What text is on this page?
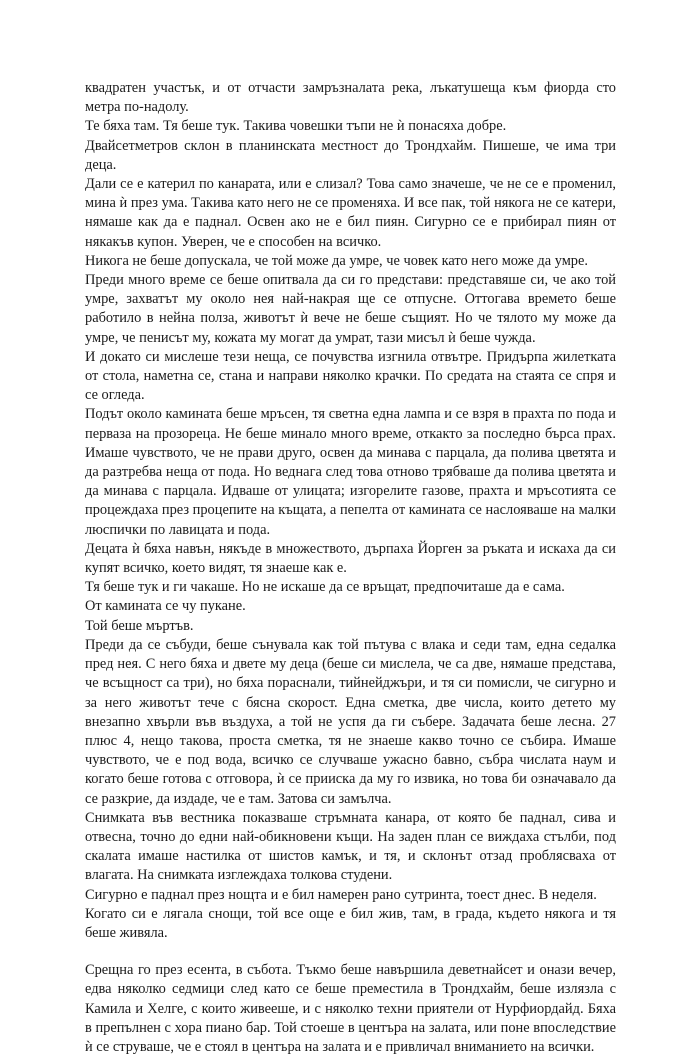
квадратен участък, и от отчасти замръзналата река, лъкатушеща към фиорда сто метра по-надолу.

Те бяха там. Тя беше тук. Такива човешки тъпи не ѝ понасяха добре.

Двайсетметров склон в планинската местност до Трондхайм. Пишеше, че има три деца.

Дали се е катерил по канарата, или е слизал? Това само значеше, че не се е променил, мина ѝ през ума. Такива като него не се променяха. И все пак, той някога не се катери, нямаше как да е паднал. Освен ако не е бил пиян. Сигурно се е прибирал пиян от някакъв купон. Уверен, че е способен на всичко.

Никога не беше допускала, че той може да умре, че човек като него може да умре.

Преди много време се беше опитвала да си го представи: представяше си, че ако той умре, захватът му около нея най-накрая ще се отпусне. Оттогава времето беше работило в нейна полза, животът ѝ вече не беше същият. Но че тялото му може да умре, че пенисът му, кожата му могат да умрат, тази мисъл ѝ беше чужда.

И докато си мислеше тези неща, се почувства изгнила отвътре. Придърпа жилетката от стола, наметна се, стана и направи няколко крачки. По средата на стаята се спря и се огледа.

Подът около камината беше мръсен, тя светна една лампа и се взря в прахта по пода и перваза на прозореца. Не беше минало много време, откакто за последно бърса прах. Имаше чувството, че не прави друго, освен да минава с парцала, да полива цветята и да разтребва неща от пода. Но веднага след това отново трябваше да полива цветята и да минава с парцала. Идваше от улицата; изгорелите газове, прахта и мръсотията се процеждаха през процепите на къщата, а пепелта от камината се наслояваше на малки люспички по лавицата и пода.

Децата ѝ бяха навън, някъде в множеството, дърпаха Йорген за ръката и искаха да си купят всичко, което видят, тя знаеше как е.

Тя беше тук и ги чакаше. Но не искаше да се връщат, предпочиташе да е сама.

От камината се чу пукане.

Той беше мъртъв.

Преди да се събуди, беше сънувала как той пътува с влака и седи там, една седалка пред нея. С него бяха и двете му деца (беше си мислела, че са две, нямаше представа, че всъщност са три), но бяха пораснали, тийнейджъри, и тя си помисли, че сигурно и за него животът тече с бясна скорост. Една сметка, две числа, които детето му внезапно хвърли във въздуха, а той не успя да ги събере. Задачата беше лесна. 27 плюс 4, нещо такова, проста сметка, тя не знаеше какво точно се събира. Имаше чувството, че е под вода, всичко се случваше ужасно бавно, събра числата наум и когато беше готова с отговора, ѝ се прииска да му го извика, но това би означавало да се разкрие, да издаде, че е там. Затова си замълча.

Снимката във вестника показваше стръмната канара, от която бе паднал, сива и отвесна, точно до едни най-обикновени къщи. На заден план се виждаха стълби, под скалата имаше настилка от шистов камък, и тя, и склонът отзад проблясваха от влагата. На снимката изглеждаха толкова студени.

Сигурно е паднал през нощта и е бил намерен рано сутринта, тоест днес. В неделя.

Когато си е лягала снощи, той все още е бил жив, там, в града, където някога и тя беше живяла.

Срещна го през есента, в събота. Тъкмо беше навършила деветнайсет и онази вечер, едва няколко седмици след като се беше преместила в Трондхайм, беше излязла с Камила и Хелге, с които живееше, и с няколко техни приятели от Нурфиордайд. Бяха в препълнен с хора пиано бар. Той стоеше в центъра на залата, или поне впоследствие ѝ се струваше, че е стоял в центъра на залата и е привличал вниманието на всички.
